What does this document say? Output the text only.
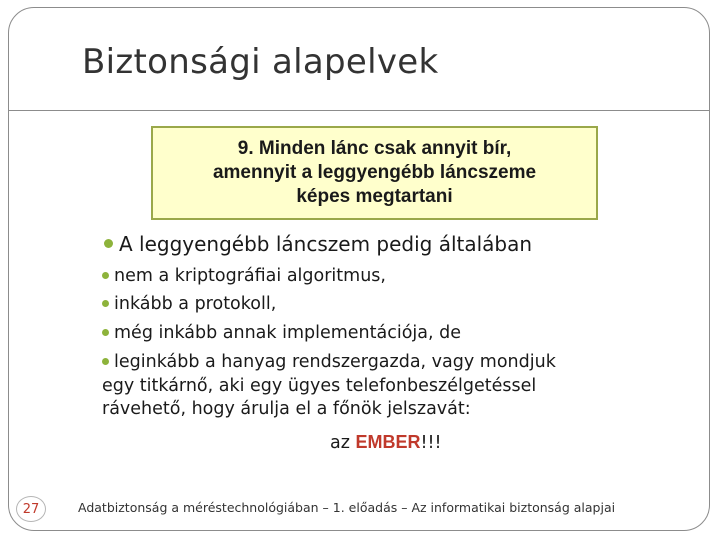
Biztonsági alapelvek
9. Minden lánc csak annyit bír,
amennyit a leggyengébb láncszeme
képes megtartani
A leggyengébb láncszem pedig általában
nem a kriptográfiai algoritmus,
inkább a protokoll,
még inkább annak implementációja, de
leginkább a hanyag rendszergazda, vagy mondjuk
egy titkárnő, aki egy ügyes telefonbeszélgetéssel
rávehető, hogy árulja el a főnök jelszavát:
az EMBER!!!
27	Adatbiztonság a méréstechnológiában – 1. előadás – Az informatikai biztonság alapjai
